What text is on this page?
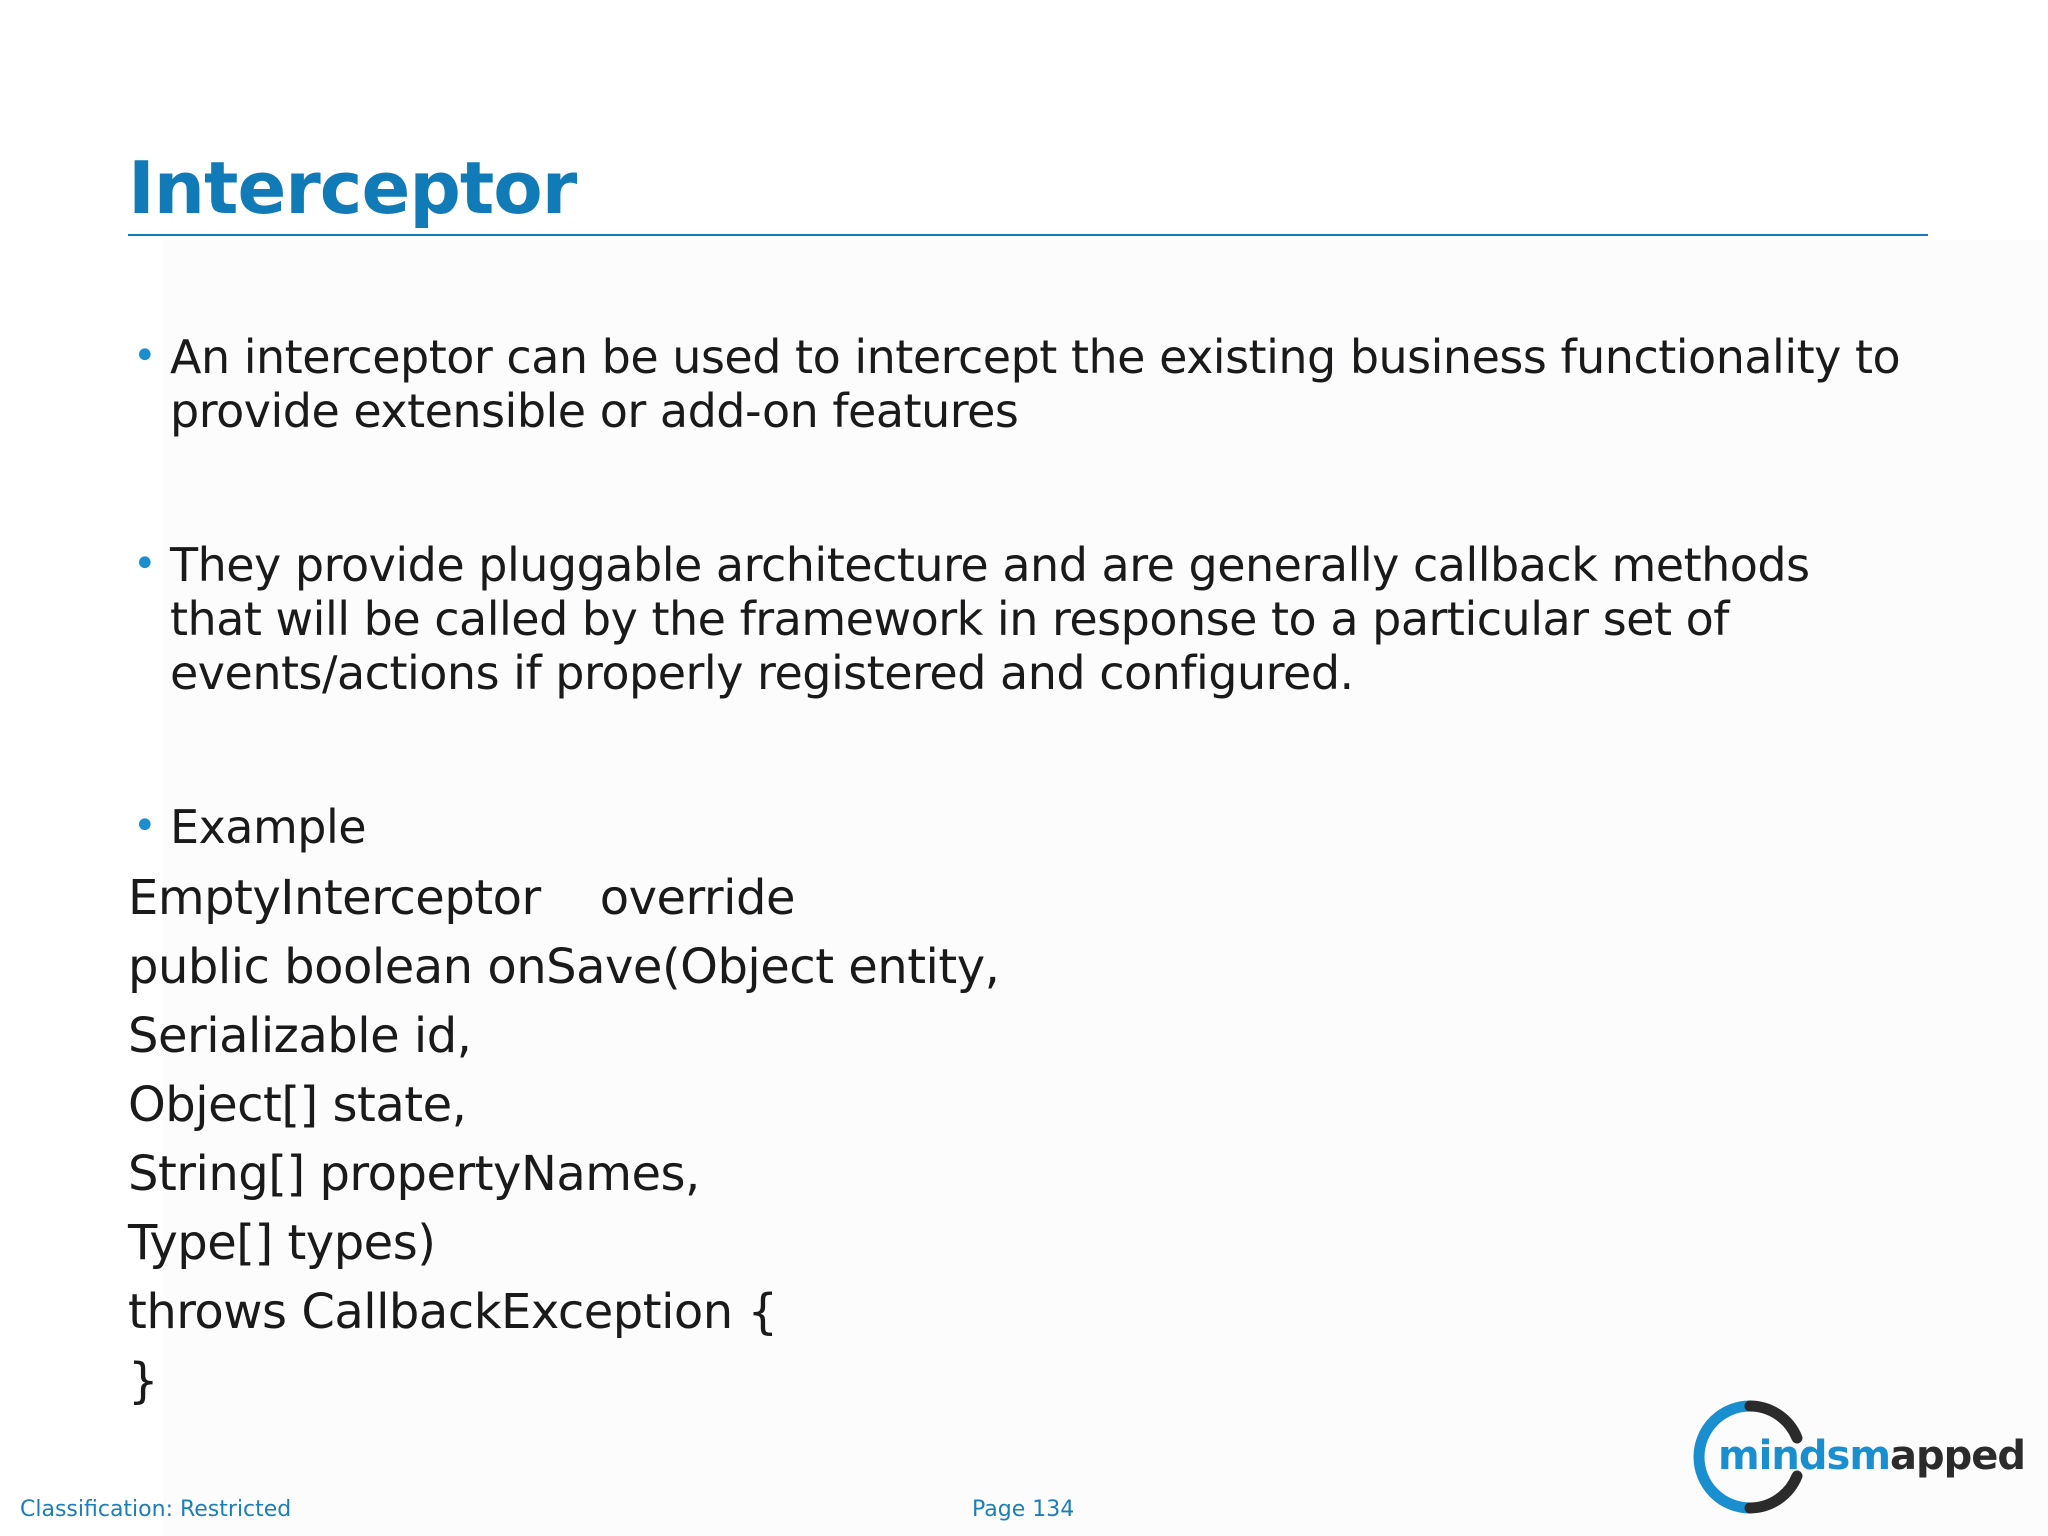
Interceptor
• An interceptor can be used to intercept the existing business functionality to provide extensible or add-on features
• They provide pluggable architecture and are generally callback methods that will be called by the framework in response to a particular set of events/actions if properly registered and configured.
• Example
EmptyInterceptor    override
public boolean onSave(Object entity,
Serializable id,
Object[] state,
String[] propertyNames,
Type[] types)
throws CallbackException {
}
mindsmapped
Classification: Restricted	Page 134
